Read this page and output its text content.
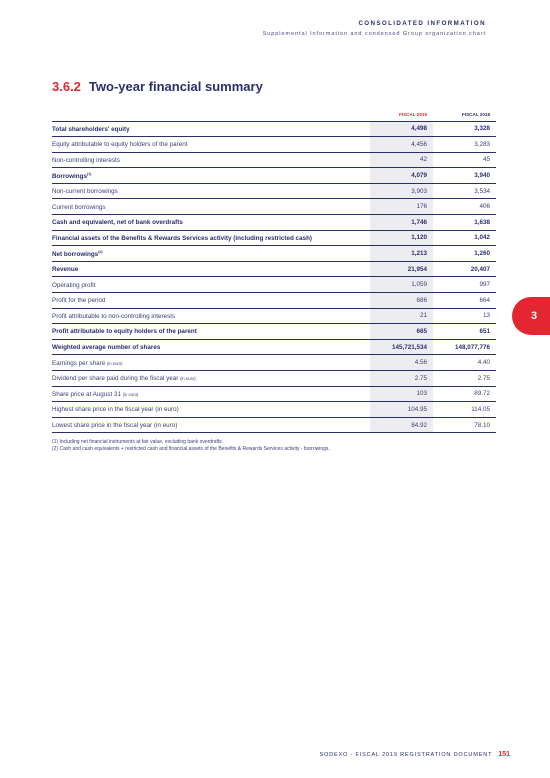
CONSOLIDATED INFORMATION
Supplemental Information and condensed Group organization chart
3.6.2 Two-year financial summary
	FISCAL 2019	FISCAL 2018
Total shareholders' equity	4,498	3,328
Equity attributable to equity holders of the parent	4,456	3,283
Non-controlling interests	42	45
Borrowings$^{(1)}$	4,079	3,940
Non-current borrowings	3,903	3,534
Current borrowings	176	406
Cash and equivalent, net of bank overdrafts	1,746	1,638
Financial assets of the Benefits & Rewards Services activity (including restricted cash)	1,120	1,042
Net borrowings$^{(2)}$	1,213	1,260
Revenue	21,954	20,407
Operating profit	1,059	997
Profit for the period	686	664
Profit attributable to non-controlling interests	21	13
Profit attributable to equity holders of the parent	665	651
Weighted average number of shares	145,721,534	148,077,776
Earnings per share (in euro)	4.56	4.40
Dividend per share paid during the fiscal year (in euro)	2.75	2.75
Share price at August 31 (in euro)	103	89.72
Highest share price in the fiscal year (in euro)	104.95	114.05
Lowest share price in the fiscal year (in euro)	84.92	78.10
(1) Including net financial instruments at fair value, excluding bank overdrafts.
(2) Cash and cash equivalents + restricted cash and financial assets of the Benefits & Rewards Services activity - borrowings.
3
SODEXO - FISCAL 2019 REGISTRATION DOCUMENT 151
